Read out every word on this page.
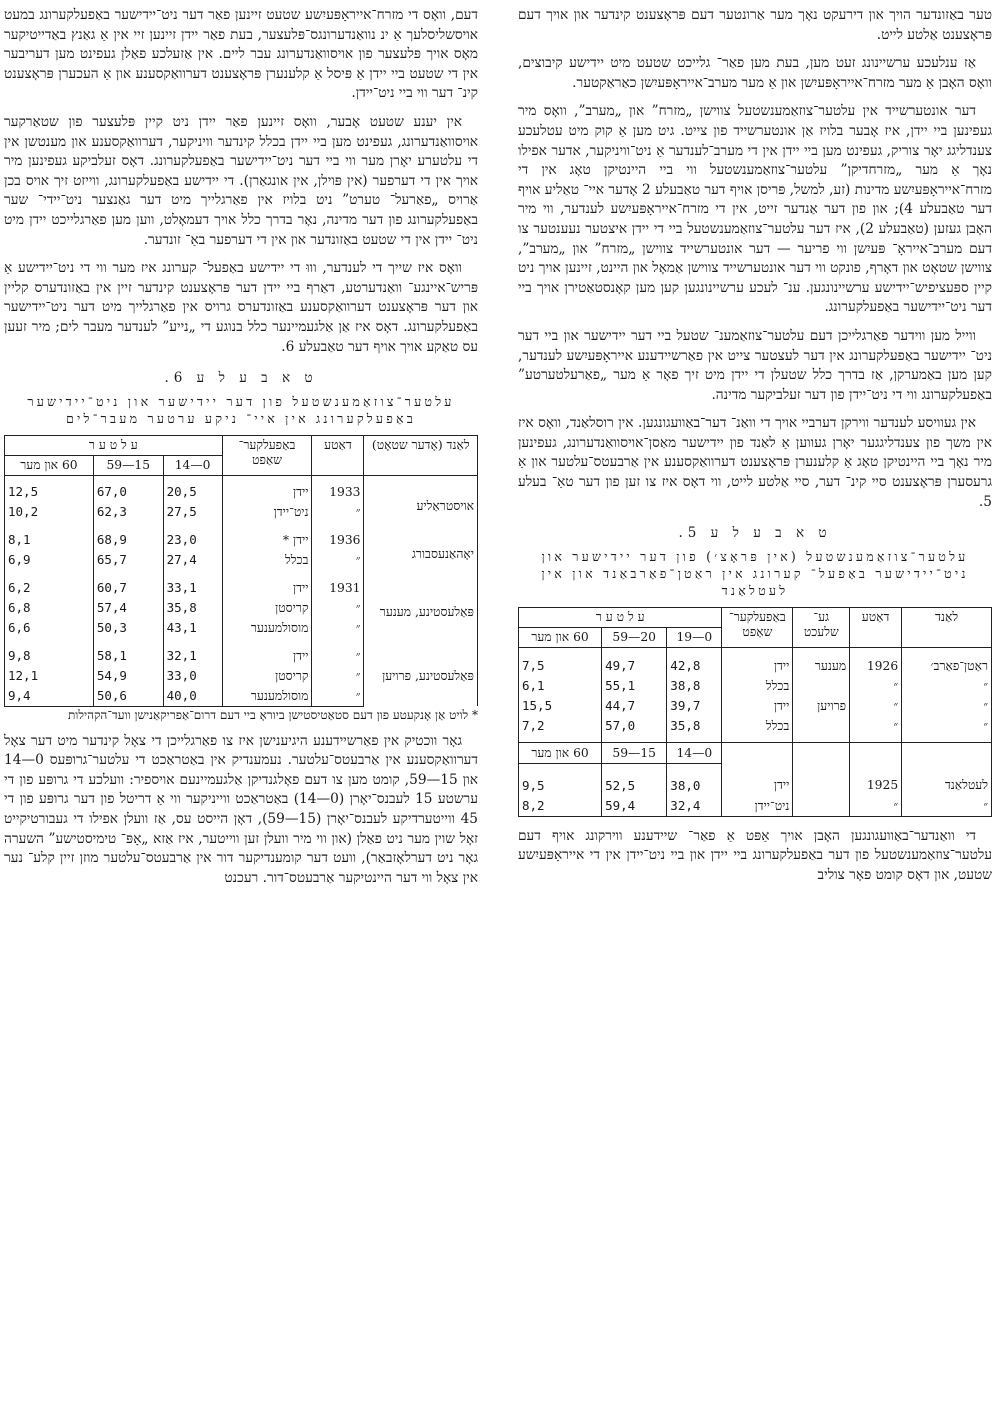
טער באַזונדער הויך און דירעקט נאָך מער אַרונטער דעם פּראָצענט קינדער און אויך דעם פּראָצענט אַלטע לייט.

אַז ענלעכע ערשיינונג זעט מען, בעת מען פאַר־ גלייכט שטעט מיט יידישע קיבוצים, וואָס האָבן אַ מער מזרח־אייראָפּעיִשן און אַ מער מערב־אייראָפּעיִשן כאַראַקטער.

דער אונטערשייד אין עלטער־צוזאַמענשטעל צווישן „מזרח” און „מערב”, וואָס מיר געפינען ביי יידן, איז אָבער בלויז אַן אונטערשייד פון צייט. גיט מען אַ קוק מיט עטלעכע צענדליגג יאָר צוריק, געפינט מען ביי יידן אין די מערב־לענדער אַ ניט־וויניקער, אדער אפילו נאָך אַ מער „מזרחדיקן” עלטער־צוזאַמענשטעל ווי ביי היינטיקן טאָג אין די מזרח־אייראָפּעיִשע מדינות (זע, למשל, פּריסן אויף דער טאַבעלע 2 אָדער איי־ טאַליע אויף דער טאַבעלע 4); און פון דער אַנדער זייט, אין די מזרח־אייראָפּעיִשע לענדער, ווי מיר האָבן געזען (טאַבעלע 2), איז דער עלטער־צוזאַמענשטעל ביי די יידן איצטער נעענטער צו דעם מערב־אייראָ־ פּעיִשן ווי פריער — דער אונטערשייד צווישן „מזרח” און „מערב”, צווישן שטאָט און דאָרף, פונקט ווי דער אונטערשייד צווישן אַמאָל און היינט, זיינען אויך ניט קיין ספּעציפיש־יידישע ערשיינונגען. ענ־ לעכע ערשיינונגען קען מען קאָנסטאַטירן אויך ביי דער ניט־יידישער באַפעלקערונג.

ווייל מען ווידער פאַרגלייכן דעם עלטער־צוזאַמענ־ שטעל ביי דער יידישער און ביי דער ניט־ יידישער באַפעלקערונג אין דער לעצטער צייט אין פאַרשיידענע אייראָפּעיִשע לענדער, קען מען באַמערקן, אַז בדרך כלל שטעלן די יידן מיט זיך פאָר אַ מער „פאַרעלטערטע” באַפעלקערונג ווי די ניט־יידן פון דער זעלביקער מדינה.

אין געוויסע לענדער ווירקן דערביי אויך די וואַנ־ דער־באַוועגונגען. אין רוסלאַנד, וואָס איז אין משך פון צענדליגגער יאָרן געווען אַ לאַנד פון יידישער מאַסן־אויסוואַנדערונג, געפינען מיר נאָך ביי היינטיקן טאָג אַ קלענערן פּראָצענט דערוואַקסענע אין אַרבעטס־עלטער און אַ גרעסערן פּראָצענט סיי קינ־ דער, סיי אַלטע לייט, ווי דאָס איז צו זען פון דער טאַ־ בעלע 5.

ט א ב ע ל ע 5.
עלטער־צוזאַמענשטעל (אין פּראָצ׳) פון דער יידישער און ניט־יידישער באַפעל־ קערונג אין ראַטן־פאַרבאַנד און אין לעטלאַנד
לאַנד	דאַטע	גע־ שלעכט	באַפעלקער־ שאַפט	ע ל ט ע ר		
				0—19	20—59	60 און מער
ראַטן־פאַרב׳	1926	מענער	יידן	42,8	49,7	7,5
״	״		בכלל	38,8	55,1	6,1
״	״	פרויען	יידן	39,7	44,7	15,5
״	״		בכלל	35,8	57,0	7,2
				0—14	15—59	60 און מער
לעטלאַנד	1925		יידן	38,0	52,5	9,5
״	״		ניט־יידן	32,4	59,4	8,2

די וואַנדער־באַוועגונגען האָבן אויך אַפּט אַ פאַר־ שיידענע ווירקונג אויף דעם עלטער־צוזאַמענשטעל פון דער באַפעלקערונג ביי יידן און ביי ניט־יידן אין די אייראָפּעיִשע שטעט, און דאָס קומט פאָר צוליב

דעם, וואָס די מזרח־אייראָפּעיִשע שטעט זיינען פאַר דער ניט־יידישער באַפעלקערונג במעט אויסשליסלעך אַ ינ נוואַנדערונגס־פּלעצער, בעת פאַר יידן זיינען זיי אין אַ גאַנץ באַדייטיקער מאָס אויך פּלעצער פון אויסוואַנדערונג עבר ליים. אין אַזעלכע פאַלן געפינט מען דעריבער אין די שטעט ביי יידן אַ פּיסל אַ קלענערן פּראָצענט דערוואַקסענע און אַ העכערן פּראָצענט קינ־ דער ווי ביי ניט־יידן.

אין יענע שטעט אָבער, וואָס זיינען פאַר יידן ניט קיין פּלעצער פון שטאַרקער אויסוואַנדערונג, געפינט מען ביי יידן בכלל קינדער וויניקער, דערוואַקסענע און מענטשן אין די עלטערע יאָרן מער ווי ביי דער ניט־יידישער באַפעלקערונג. דאָס זעלביקע געפינען מיר אויך אין די דערפער (אין פּוילן, אין אונגאַרן). די יידישע באַפעלקערונג, ווייזט זיך אויס בכן אַרויס „פאַרעל־ טערט” ניט בלויז אין פאַרגלייך מיט דער גאַנצער ניט־יידי־ שער באַפעלקערונג פון דער מדינה, נאָר בדרך כלל אויך דעמאָלט, ווען מען פאַרגלייכט יידן מיט ניט־ יידן אין די שטעט באַזונדער און אין די דערפער באַ־ זונדער.

וואָס איז שייך די לענדער, וווּ די יידישע באַפעל־ קערונג איז מער ווי די ניט־יידישע אַ פּריש־איינגע־ וואַנדערטע, דאַרף ביי יידן דער פּראָצענט קינדער זיין אין באַזונדערס קליין און דער פּראָצענט דערוואַקסענע באַזונדערס גרויס אין פאַרגלייך מיט דער ניט־יידישער באַפעלקערונג. דאָס איז אַן אַלגעמיינער כלל בנוגע די „נייע” לענדער מעבר לים; מיר זעען עס טאַקע אויך אויף דער טאַבעלע 6.

ט א ב ע ל ע 6.
עלטער־צוזאַמענשטעל פון דער יידישער און ניט־יידישער באַפעלקערונג אין איי־ ניקע ערטער מעבר־לים
לאַנד (אָדער שטאָט)	דאַטע	באַפעלקער־ שאַפט	ע ל ט ע ר		
			0—14	15—59	60 און מער
אויסטראַליע	1933	יידן	20,5	67,0	12,5
	״	ניט־יידן	27,5	62,3	10,2
יאָהאַנעסבורג	1936	יידן *	23,0	68,9	8,1
	״	בכלל	27,4	65,7	6,9
פּאַלעסטינע, מענער	1931	יידן	33,1	60,7	6,2
	״	קריסטן	35,8	57,4	6,8
	״	מוסולמענער	43,1	50,3	6,6
פּאַלעסטינע, פרויען	״	יידן	32,1	58,1	9,8
	״	קריסטן	33,0	54,9	12,1
	״	מוסולמענער	40,0	50,6	9,4

* לויט אַן אָנקעטע פון דעם סטאַטיסטישן ביוראָ ביי דעם דרום־אַפריקאַנישן וועד־הקהילות

גאָר ווכטיק אין פאַרשיידענע היגיענישן איז צו פאַרגלייכן די צאָל קינדער מיט דער צאָל דערוואַקסענע אין אַרבעטס־עלטער. נעמענדיק אין באַטראַכט די עלטער־גרופּעס 0—14 און 15—59, קומט מען צו דעם פאָלגנדיקן אַלגעמיינעם אויספיר: וועלכע די גרופּע פון די ערשטע 15 לעבנס־יאָרן (0—14) באַטראַכט ווייניקער ווי אַ דריטל פון דער גרופּע פון די 45 ווייטערדיקע לעבנס־יאָרן (15—59), דאָן הייסט עס, אַז וועלן אפילו די געבורטיקייט זאָל שוין מער ניט פאַלן (און ווי מיר וועלן זען ווייטער, איז אַזא „אָפּ־ טימיסטישע” השערה גאָר ניט דערלאָזבאַר), וועט דער קומענדיקער דור אין אַרבעטס־עלטער מוזן זיין קלע־ נער אין צאָל ווי דער היינטיקער אַרבעטס־דור. רעכנט
